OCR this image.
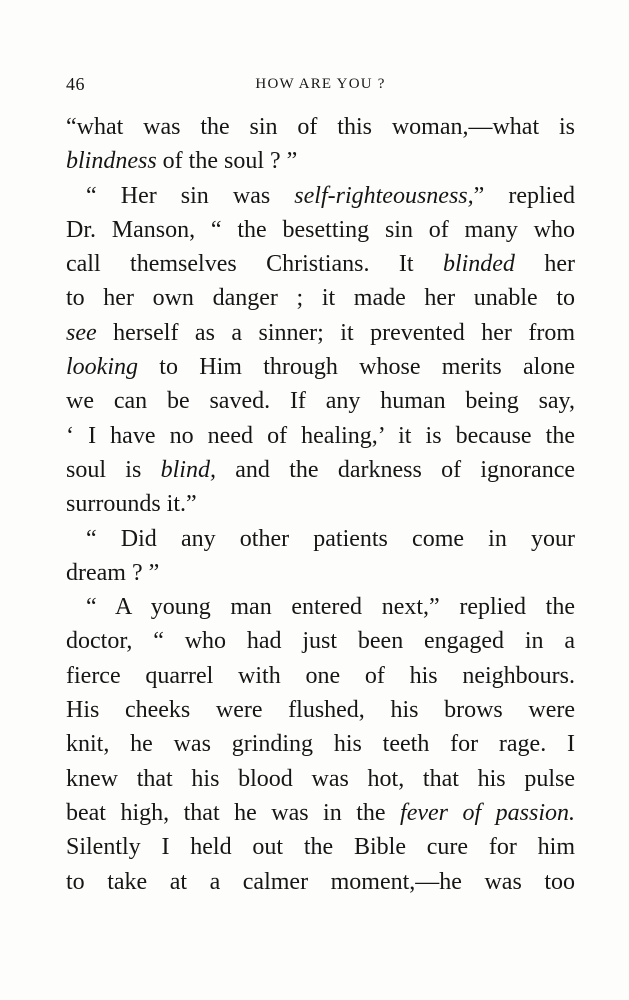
46	HOW ARE YOU ?
“what was the sin of this woman,—what is
blindness of the soul ? ”
“ Her sin was self-righteousness,” replied
Dr. Manson, “ the besetting sin of many who
call themselves Christians. It blinded her
to her own danger ; it made her unable to
see herself as a sinner; it prevented her from
looking to Him through whose merits alone
we can be saved. If any human being say,
‘ I have no need of healing,’ it is because the
soul is blind, and the darkness of ignorance
surrounds it.”
“ Did any other patients come in your
dream ? ”
“ A young man entered next,” replied the
doctor, “ who had just been engaged in a
fierce quarrel with one of his neighbours.
His cheeks were flushed, his brows were
knit, he was grinding his teeth for rage. I
knew that his blood was hot, that his pulse
beat high, that he was in the fever of passion.
Silently I held out the Bible cure for him
to take at a calmer moment,—he was too
